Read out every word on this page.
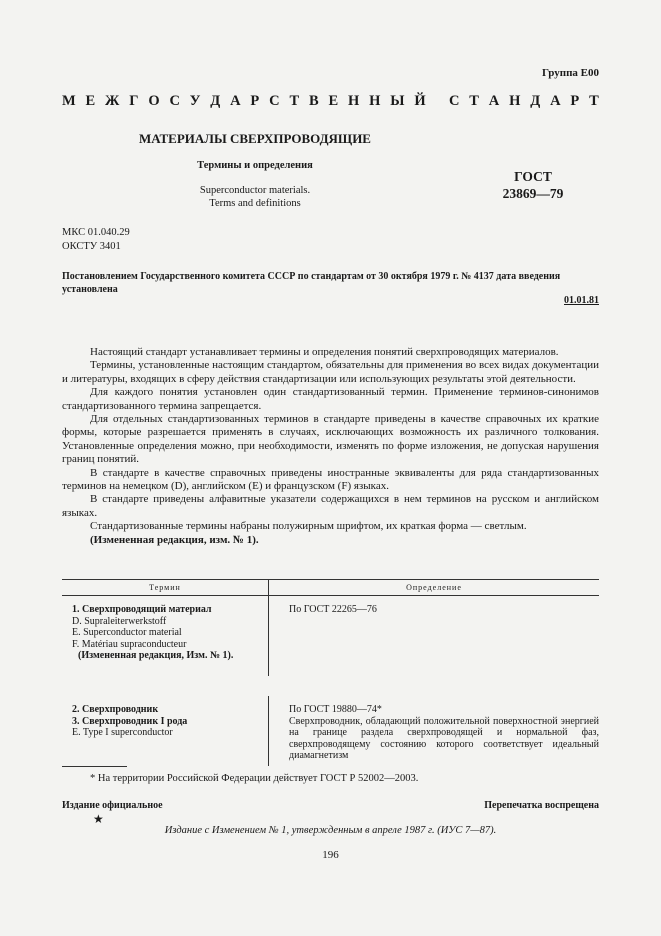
Группа Е00
М Е Ж Г О С У Д А Р С Т В Е Н Н Ы Й
С Т А Н Д А Р Т
МАТЕРИАЛЫ СВЕРХПРОВОДЯЩИЕ
Термины и определения
Superconductor materials.
Terms and definitions
ГОСТ
23869—79
МКС 01.040.29
ОКСТУ 3401
Постановлением Государственного комитета СССР по стандартам от 30 октября 1979 г. № 4137 дата введения установлена
01.01.81

Настоящий стандарт устанавливает термины и определения понятий сверхпроводящих материалов.

Термины, установленные настоящим стандартом, обязательны для применения во всех видах документации и литературы, входящих в сферу действия стандартизации или использующих результаты этой деятельности.

Для каждого понятия установлен один стандартизованный термин. Применение терминов-синонимов стандартизованного термина запрещается.

Для отдельных стандартизованных терминов в стандарте приведены в качестве справочных их краткие формы, которые разрешается применять в случаях, исключающих возможность их различного толкования. Установленные определения можно, при необходимости, изменять по форме изложения, не допуская нарушения границ понятий.

В стандарте в качестве справочных приведены иностранные эквиваленты для ряда стандартизованных терминов на немецком (D), английском (E) и французском (F) языках.

В стандарте приведены алфавитные указатели содержащихся в нем терминов на русском и английском языках.

Стандартизованные термины набраны полужирным шрифтом, их краткая форма — светлым.

(Измененная редакция, изм. № 1).

Термин	Определение
1. Сверхпроводящий материал
D. Supraleiterwerkstoff
E. Superconductor material
F. Matériau supraconducteur
(Измененная редакция, Изм. № 1).
По ГОСТ 22265—76
2. Сверхпроводник
3. Сверхпроводник I рода
E. Type I superconductor
По ГОСТ 19880—74*
Сверхпроводник, обладающий положительной поверхностной энергией на границе раздела сверхпроводящей и нормальной фаз, сверхпроводящему состоянию которого соответствует идеальный диамагнетизм
* На территории Российской Федерации действует ГОСТ Р 52002—2003.
Издание официальное
★
Перепечатка воспрещена
Издание с Изменением № 1, утвержденным в апреле 1987 г. (ИУС 7—87).
196
